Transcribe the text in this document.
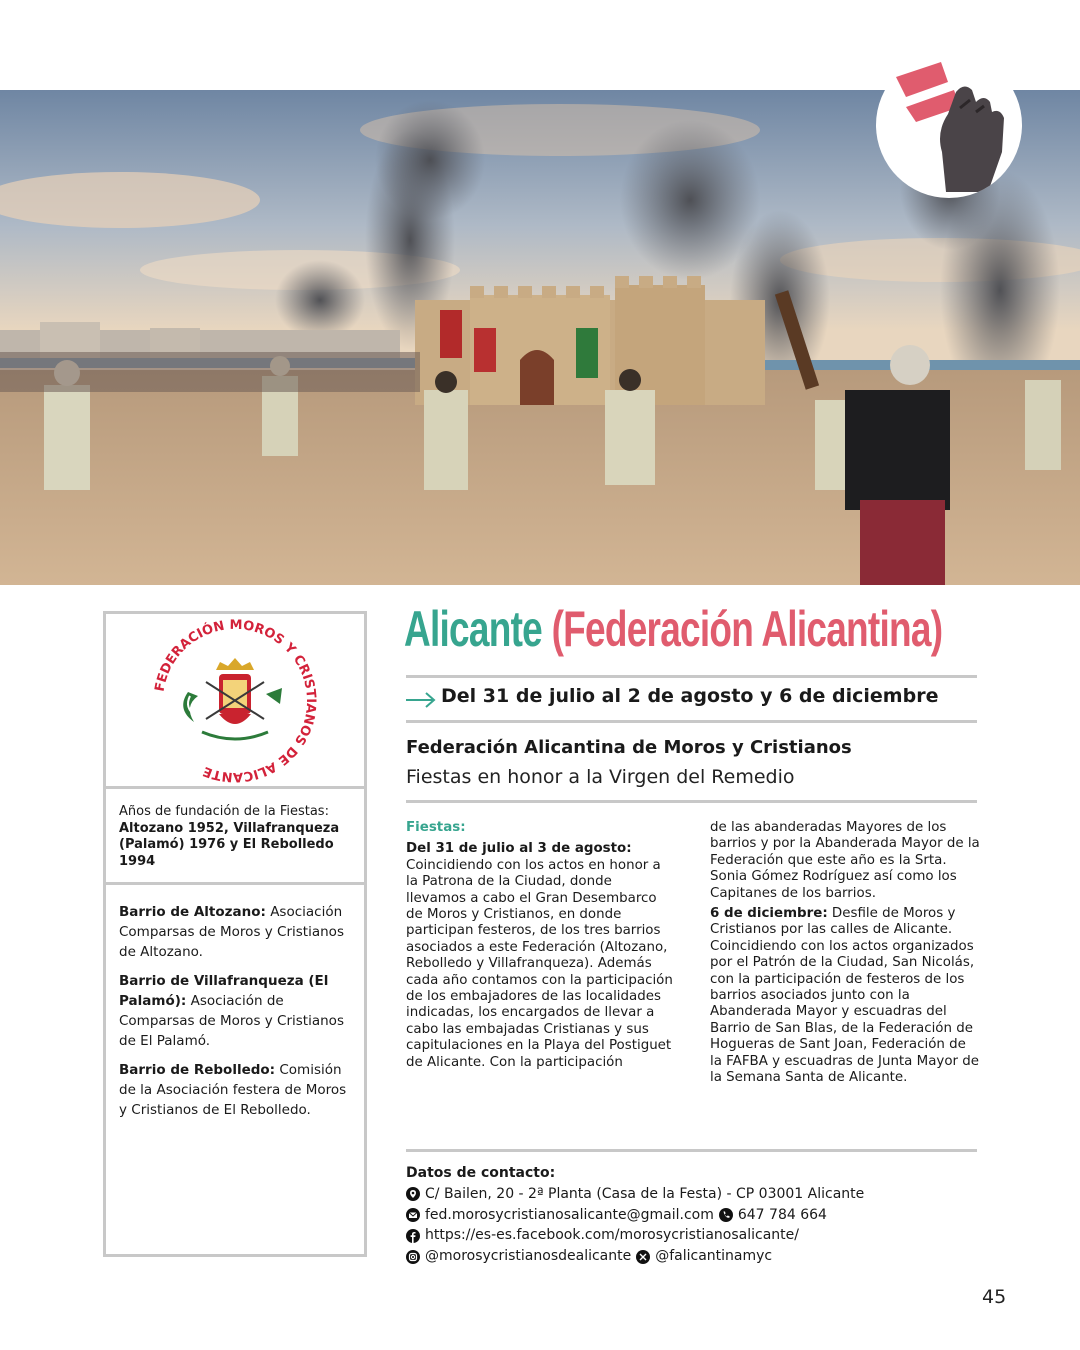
FEDERACIÓN MOROS Y CRISTIANOS DE ALICANTE
Años de fundación de la Fiestas: Altozano 1952, Villafranqueza (Palamó) 1976 y El Rebolledo 1994

Barrio de Altozano: Asociación Comparsas de Moros y Cristianos de Altozano.

Barrio de Villafranqueza (El Palamó): Asociación de Comparsas de Moros y Cristianos de El Palamó.

Barrio de Rebolledo: Comisión de la Asociación festera de Moros y Cristianos de El Rebolledo.

Alicante (Federación Alicantina)
Del 31 de julio al 2 de agosto y 6 de diciembre
Federación Alicantina de Moros y Cristianos
Fiestas en honor a la Virgen del Remedio

Fiestas:

Del 31 de julio al 3 de agosto: Coincidiendo con los actos en honor a la Patrona de la Ciudad, donde llevamos a cabo el Gran Desembarco de Moros y Cristianos, en donde participan festeros, de los tres barrios asociados a este Federación (Altozano, Rebolledo y Villafranqueza). Además cada año contamos con la participación de los embajadores de las localidades indicadas, los encargados de llevar a cabo las embajadas Cristianas y sus capitulaciones en la Playa del Postiguet de Alicante. Con la participación

de las abanderadas Mayores de los barrios y por la Abanderada Mayor de la Federación que este año es la Srta. Sonia Gómez Rodríguez así como los Capitanes de los barrios.

6 de diciembre: Desfile de Moros y Cristianos por las calles de Alicante. Coincidiendo con los actos organizados por el Patrón de la Ciudad, San Nicolás, con la participación de festeros de los barrios asociados junto con la Abanderada Mayor y escuadras del Barrio de San Blas, de la Federación de Hogueras de Sant Joan, Federación de la FAFBA y escuadras de Junta Mayor de la Semana Santa de Alicante.

Datos de contacto:
C/ Bailen, 20 - 2ª Planta (Casa de la Festa) - CP 03001 Alicante
fed.morosycristianosalicante@gmail.com 647 784 664
https://es-es.facebook.com/morosycristianosalicante/
@morosycristianosdealicante @falicantinamyc
45
